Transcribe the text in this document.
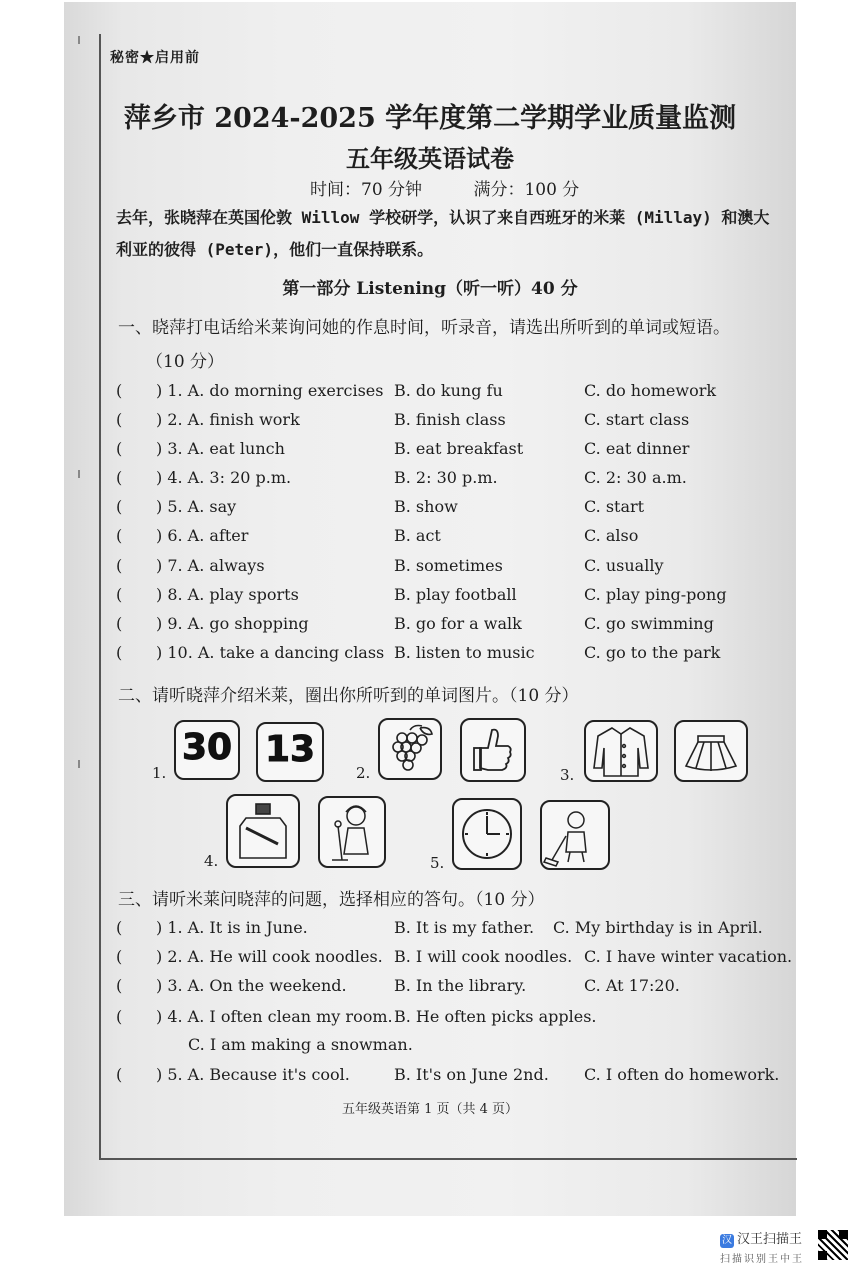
秘密★启用前
萍乡市 2024-2025 学年度第二学期学业质量监测
五年级英语试卷
时间：70 分钟	满分：100 分
去年，张晓萍在英国伦敦 Willow 学校研学，认识了来自西班牙的米莱 (Millay) 和澳大利亚的彼得 (Peter)，他们一直保持联系。
第一部分 Listening（听一听）40 分
一、晓萍打电话给米莱询问她的作息时间，听录音，请选出所听到的单词或短语。
（10 分）
( ) 1. A. do morning exercises B. do kung fu	C. do homework
( ) 2. A. finish work	B. finish class	C. start class
( ) 3. A. eat lunch	B. eat breakfast	C. eat dinner
( ) 4. A. 3: 20 p.m.	B. 2: 30 p.m.	C. 2: 30 a.m.
( ) 5. A. say	B. show	C. start
( ) 6. A. after	B. act	C. also
( ) 7. A. always	B. sometimes	C. usually
( ) 8. A. play sports	B. play football	C. play ping-pong
( ) 9. A. go shopping	B. go for a walk	C. go swimming
( ) 10. A. take a dancing class B. listen to music	C. go to the park
二、请听晓萍介绍米莱，圈出你所听到的单词图片。（10 分）
1.
30 13
2.	3.
4.	5.
三、请听米莱问晓萍的问题，选择相应的答句。（10 分）
( ) 1. A. It is in June.	B. It is my father. C. My birthday is in April.
( ) 2. A. He will cook noodles. B. I will cook noodles. C. I have winter vacation.
( ) 3. A. On the weekend.	B. In the library.	C. At 17:20.
( ) 4. A. I often clean my room. B. He often picks apples.
C. I am making a snowman.
( ) 5. A. Because it's cool.	B. It's on June 2nd. C. I often do homework.
五年级英语第 1 页（共 4 页）
汉 汉王扫描王
扫描识别王中王
